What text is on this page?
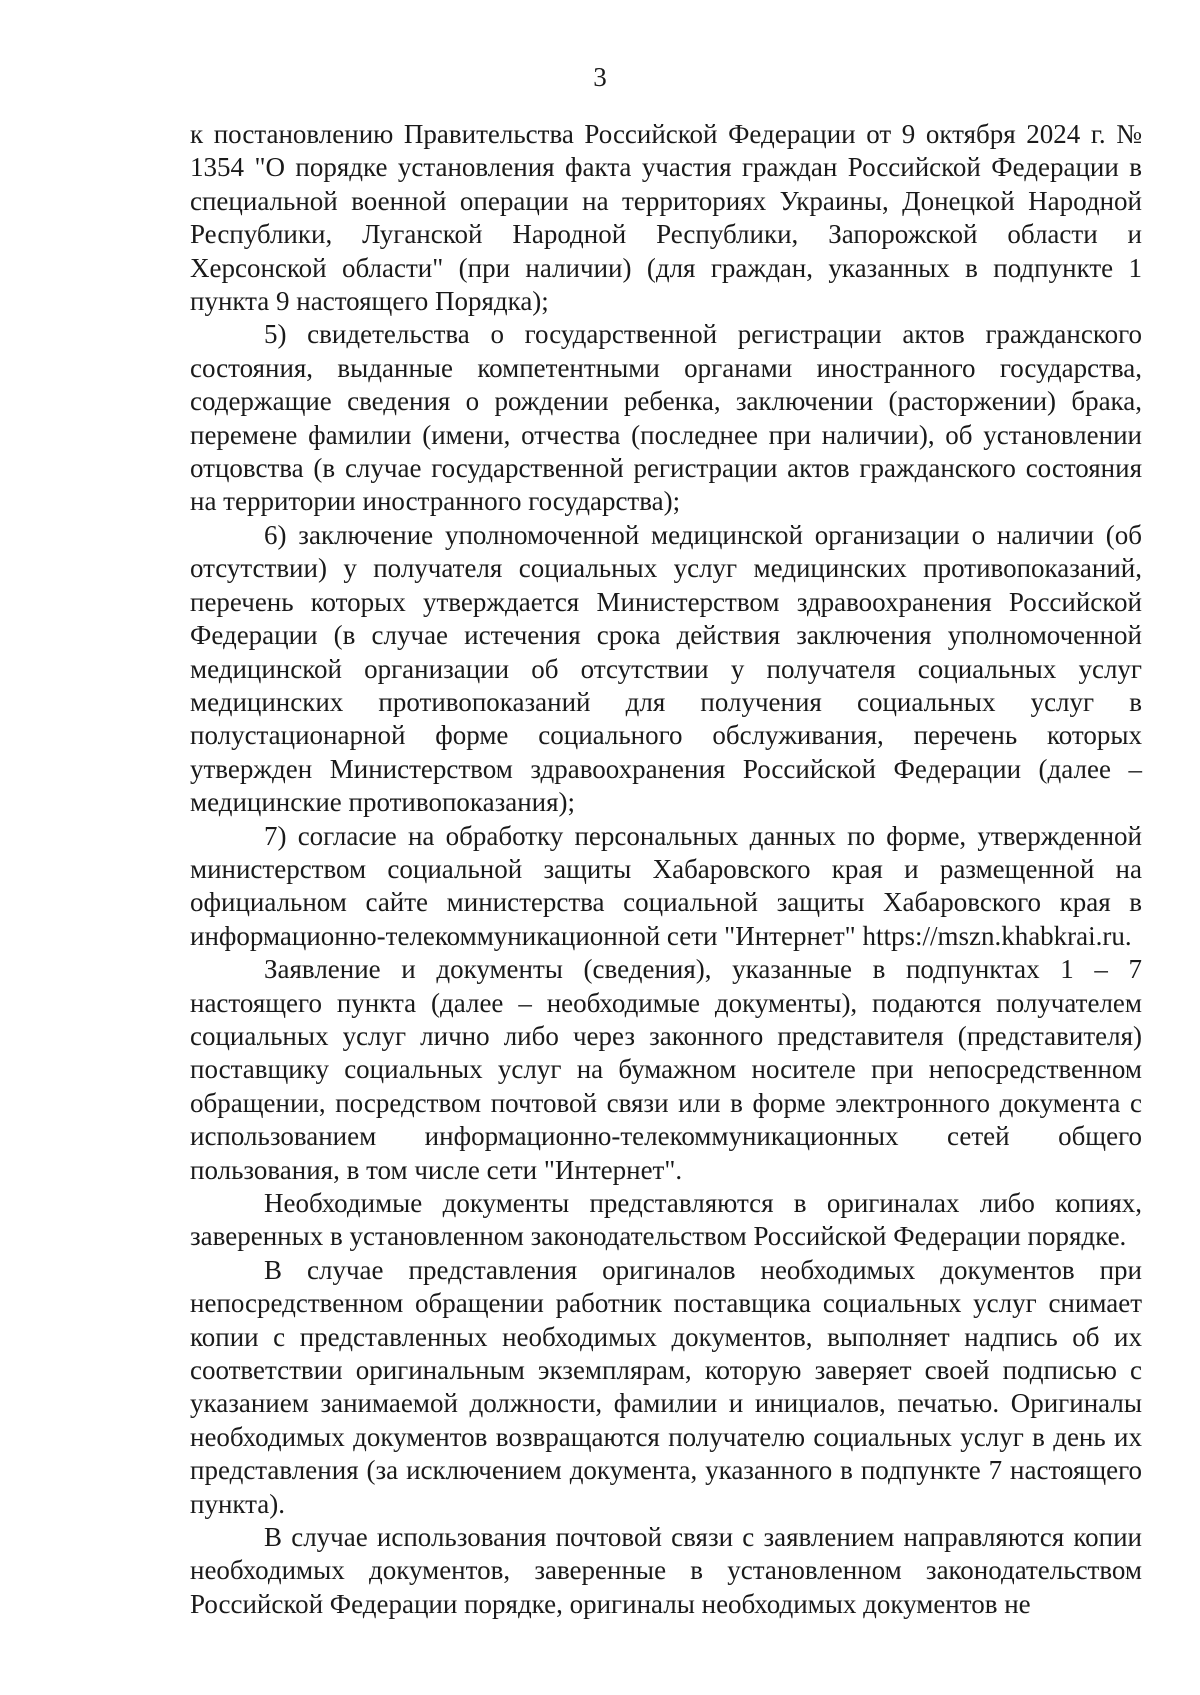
3

к постановлению Правительства Российской Федерации от 9 октября 2024 г. № 1354 "О порядке установления факта участия граждан Российской Федерации в специальной военной операции на территориях Украины, Донецкой Народной Республики, Луганской Народной Республики, Запорожской области и Херсонской области" (при наличии) (для граждан, указанных в подпункте 1 пункта 9 настоящего Порядка);

5) свидетельства о государственной регистрации актов гражданского состояния, выданные компетентными органами иностранного государства, содержащие сведения о рождении ребенка, заключении (расторжении) брака, перемене фамилии (имени, отчества (последнее при наличии), об установлении отцовства (в случае государственной регистрации актов гражданского состояния на территории иностранного государства);

6) заключение уполномоченной медицинской организации о наличии (об отсутствии) у получателя социальных услуг медицинских противопоказаний, перечень которых утверждается Министерством здравоохранения Российской Федерации (в случае истечения срока действия заключения уполномоченной медицинской организации об отсутствии у получателя социальных услуг медицинских противопоказаний для получения социальных услуг в полустационарной форме социального обслуживания, перечень которых утвержден Министерством здравоохранения Российской Федерации (далее – медицинские противопоказания);

7) согласие на обработку персональных данных по форме, утвержденной министерством социальной защиты Хабаровского края и размещенной на официальном сайте министерства социальной защиты Хабаровского края в информационно-телекоммуникационной сети "Интернет" https://mszn.khabkrai.ru.

Заявление и документы (сведения), указанные в подпунктах 1 – 7 настоящего пункта (далее – необходимые документы), подаются получателем социальных услуг лично либо через законного представителя (представителя) поставщику социальных услуг на бумажном носителе при непосредственном обращении, посредством почтовой связи или в форме электронного документа с использованием информационно-телекоммуникационных сетей общего пользования, в том числе сети "Интернет".

Необходимые документы представляются в оригиналах либо копиях, заверенных в установленном законодательством Российской Федерации порядке.

В случае представления оригиналов необходимых документов при непосредственном обращении работник поставщика социальных услуг снимает копии с представленных необходимых документов, выполняет надпись об их соответствии оригинальным экземплярам, которую заверяет своей подписью с указанием занимаемой должности, фамилии и инициалов, печатью. Оригиналы необходимых документов возвращаются получателю социальных услуг в день их представления (за исключением документа, указанного в подпункте 7 настоящего пункта).

В случае использования почтовой связи с заявлением направляются копии необходимых документов, заверенные в установленном законодательством Российской Федерации порядке, оригиналы необходимых документов не
